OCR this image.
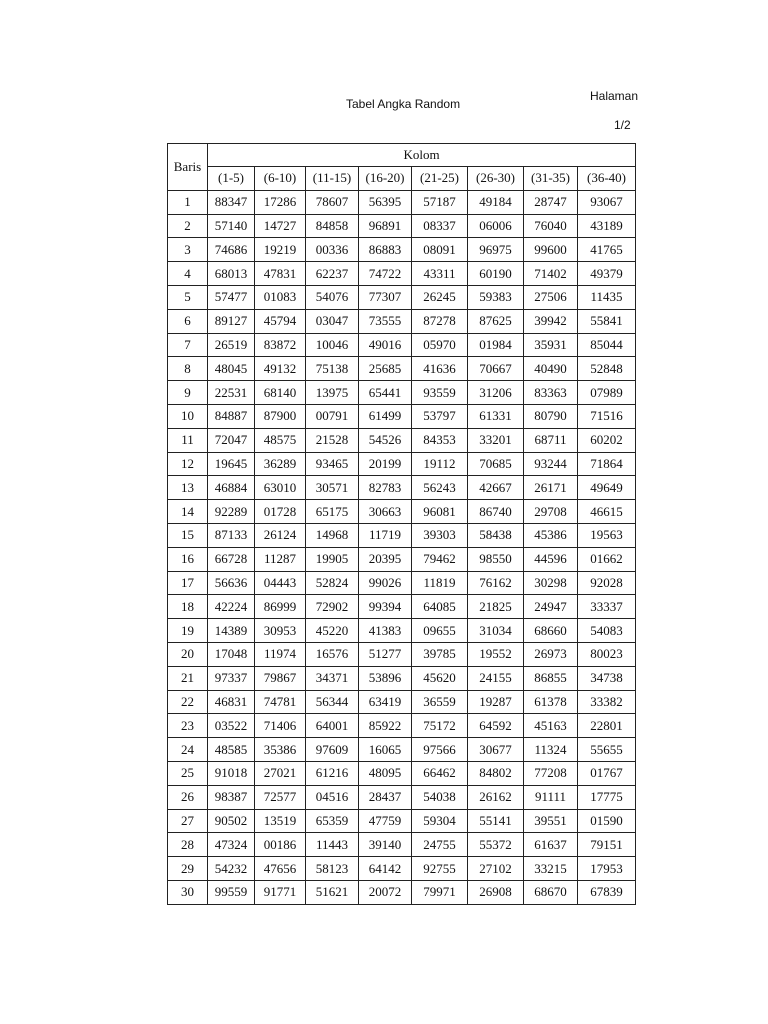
Tabel Angka Random
Halaman
1/2
Baris	Kolom							
	(1-5)	(6-10)	(11-15)	(16-20)	(21-25)	(26-30)	(31-35)	(36-40)
1	88347	17286	78607	56395	57187	49184	28747	93067
2	57140	14727	84858	96891	08337	06006	76040	43189
3	74686	19219	00336	86883	08091	96975	99600	41765
4	68013	47831	62237	74722	43311	60190	71402	49379
5	57477	01083	54076	77307	26245	59383	27506	11435
6	89127	45794	03047	73555	87278	87625	39942	55841
7	26519	83872	10046	49016	05970	01984	35931	85044
8	48045	49132	75138	25685	41636	70667	40490	52848
9	22531	68140	13975	65441	93559	31206	83363	07989
10	84887	87900	00791	61499	53797	61331	80790	71516
11	72047	48575	21528	54526	84353	33201	68711	60202
12	19645	36289	93465	20199	19112	70685	93244	71864
13	46884	63010	30571	82783	56243	42667	26171	49649
14	92289	01728	65175	30663	96081	86740	29708	46615
15	87133	26124	14968	11719	39303	58438	45386	19563
16	66728	11287	19905	20395	79462	98550	44596	01662
17	56636	04443	52824	99026	11819	76162	30298	92028
18	42224	86999	72902	99394	64085	21825	24947	33337
19	14389	30953	45220	41383	09655	31034	68660	54083
20	17048	11974	16576	51277	39785	19552	26973	80023
21	97337	79867	34371	53896	45620	24155	86855	34738
22	46831	74781	56344	63419	36559	19287	61378	33382
23	03522	71406	64001	85922	75172	64592	45163	22801
24	48585	35386	97609	16065	97566	30677	11324	55655
25	91018	27021	61216	48095	66462	84802	77208	01767
26	98387	72577	04516	28437	54038	26162	91111	17775
27	90502	13519	65359	47759	59304	55141	39551	01590
28	47324	00186	11443	39140	24755	55372	61637	79151
29	54232	47656	58123	64142	92755	27102	33215	17953
30	99559	91771	51621	20072	79971	26908	68670	67839
